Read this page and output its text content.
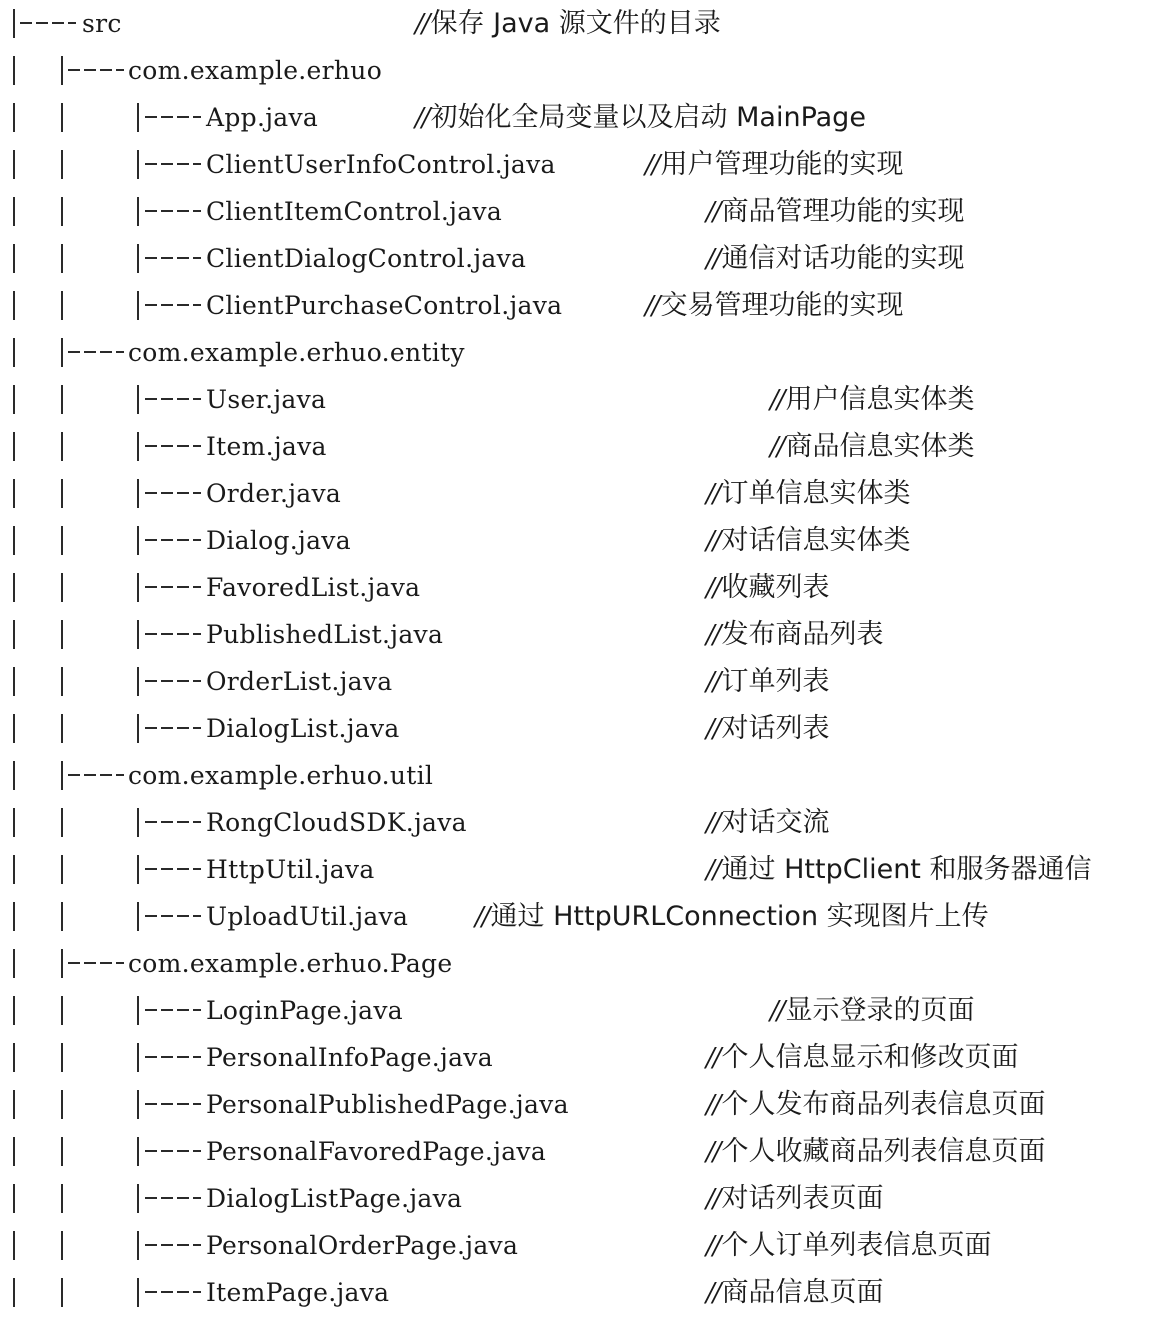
src	//保存 Java 源文件的目录
com.example.erhuo
App.java	//初始化全局变量以及启动 MainPage
ClientUserInfoControl.java	//用户管理功能的实现
ClientItemControl.java	//商品管理功能的实现
ClientDialogControl.java	//通信对话功能的实现
ClientPurchaseControl.java	//交易管理功能的实现
com.example.erhuo.entity
User.java	//用户信息实体类
Item.java	//商品信息实体类
Order.java	//订单信息实体类
Dialog.java	//对话信息实体类
FavoredList.java	//收藏列表
PublishedList.java	//发布商品列表
OrderList.java	//订单列表
DialogList.java	//对话列表
com.example.erhuo.util
RongCloudSDK.java	//对话交流
HttpUtil.java	//通过 HttpClient 和服务器通信
UploadUtil.java	//通过 HttpURLConnection 实现图片上传
com.example.erhuo.Page
LoginPage.java	//显示登录的页面
PersonalInfoPage.java	//个人信息显示和修改页面
PersonalPublishedPage.java	//个人发布商品列表信息页面
PersonalFavoredPage.java	//个人收藏商品列表信息页面
DialogListPage.java	//对话列表页面
PersonalOrderPage.java	//个人订单列表信息页面
ItemPage.java	//商品信息页面
